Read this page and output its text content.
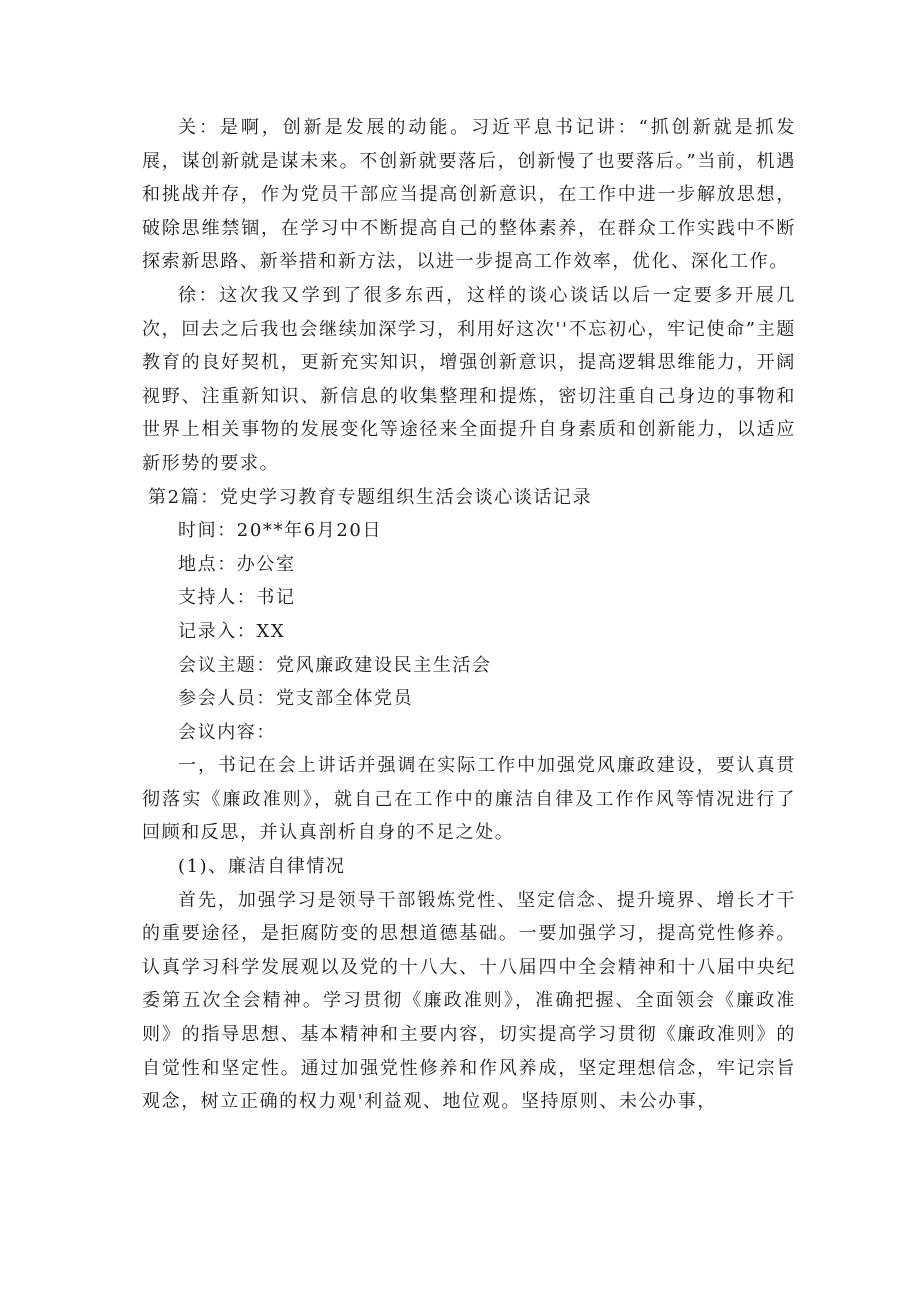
关：是啊，创新是发展的动能。习近平息书记讲：“抓创新就是抓发展，谋创新就是谋未来。不创新就要落后，创新慢了也要落后。”当前，机遇和挑战并存，作为党员干部应当提高创新意识，在工作中进一步解放思想，破除思维禁锢，在学习中不断提高自己的整体素养，在群众工作实践中不断探索新思路、新举措和新方法，以进一步提高工作效率，优化、深化工作。

徐：这次我又学到了很多东西，这样的谈心谈话以后一定要多开展几次，回去之后我也会继续加深学习，利用好这次''不忘初心，牢记使命”主题教育的良好契机，更新充实知识，增强创新意识，提高逻辑思维能力，开阔视野、注重新知识、新信息的收集整理和提炼，密切注重自己身边的事物和世界上相关事物的发展变化等途径来全面提升自身素质和创新能力，以适应新形势的要求。

第2篇：党史学习教育专题组织生活会谈心谈话记录

时间：20**年6月20日

地点：办公室

支持人：书记

记录入：XX

会议主题：党风廉政建设民主生活会

参会人员：党支部全体党员

会议内容：

一，书记在会上讲话并强调在实际工作中加强党风廉政建设，要认真贯彻落实《廉政准则》，就自己在工作中的廉洁自律及工作作风等情况进行了回顾和反思，并认真剖析自身的不足之处。

(1)、廉洁自律情况

首先，加强学习是领导干部锻炼党性、坚定信念、提升境界、增长才干的重要途径，是拒腐防变的思想道德基础。一要加强学习，提高党性修养。认真学习科学发展观以及党的十八大、十八届四中全会精神和十八届中央纪委第五次全会精神。学习贯彻《廉政准则》，准确把握、全面领会《廉政准则》的指导思想、基本精神和主要内容，切实提高学习贯彻《廉政准则》的自觉性和坚定性。通过加强党性修养和作风养成，坚定理想信念，牢记宗旨观念，树立正确的权力观'利益观、地位观。坚持原则、未公办事，
